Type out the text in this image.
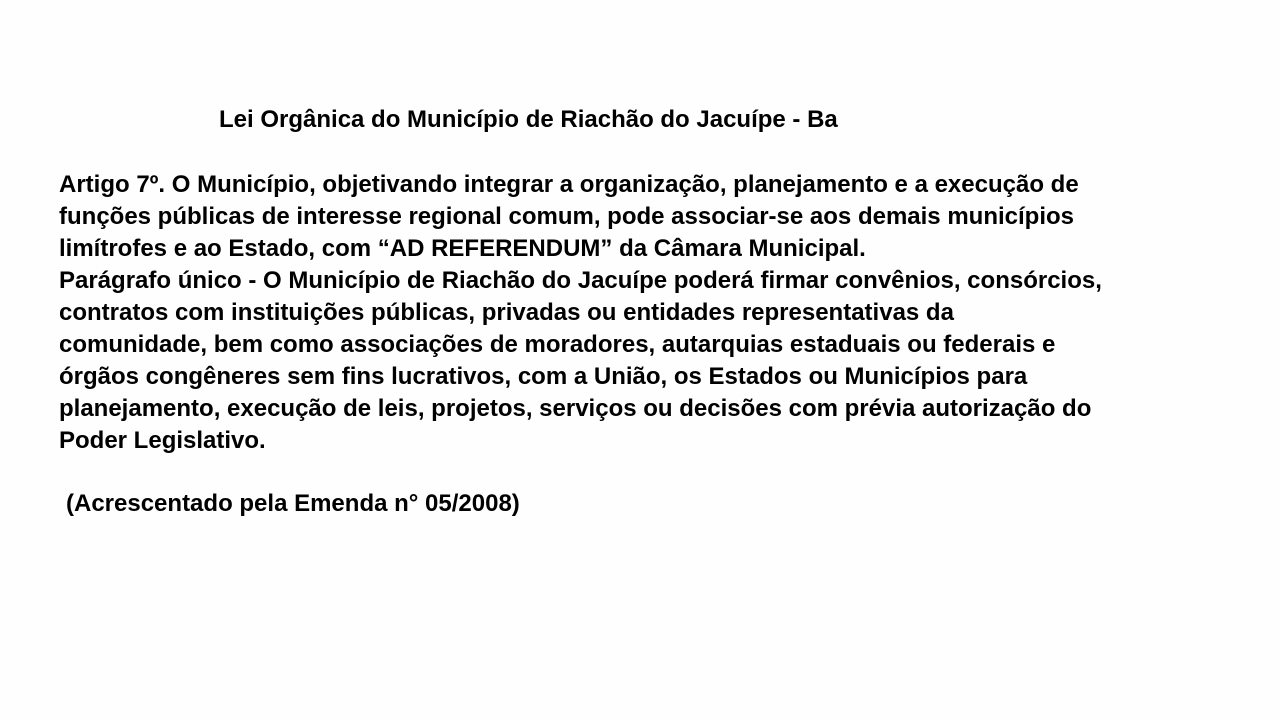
Lei Orgânica do Município de Riachão do Jacuípe - Ba
Artigo 7º. O Município, objetivando integrar a organização, planejamento e a execução de
funções públicas de interesse regional comum, pode associar-se aos demais municípios
limítrofes e ao Estado, com “AD REFERENDUM” da Câmara Municipal.
Parágrafo único - O Município de Riachão do Jacuípe poderá firmar convênios, consórcios,
contratos com instituições públicas, privadas ou entidades representativas da
comunidade, bem como associações de moradores, autarquias estaduais ou federais e
órgãos congêneres sem fins lucrativos, com a União, os Estados ou Municípios para
planejamento, execução de leis, projetos, serviços ou decisões com prévia autorização do
Poder Legislativo.
(Acrescentado pela Emenda n° 05/2008)
